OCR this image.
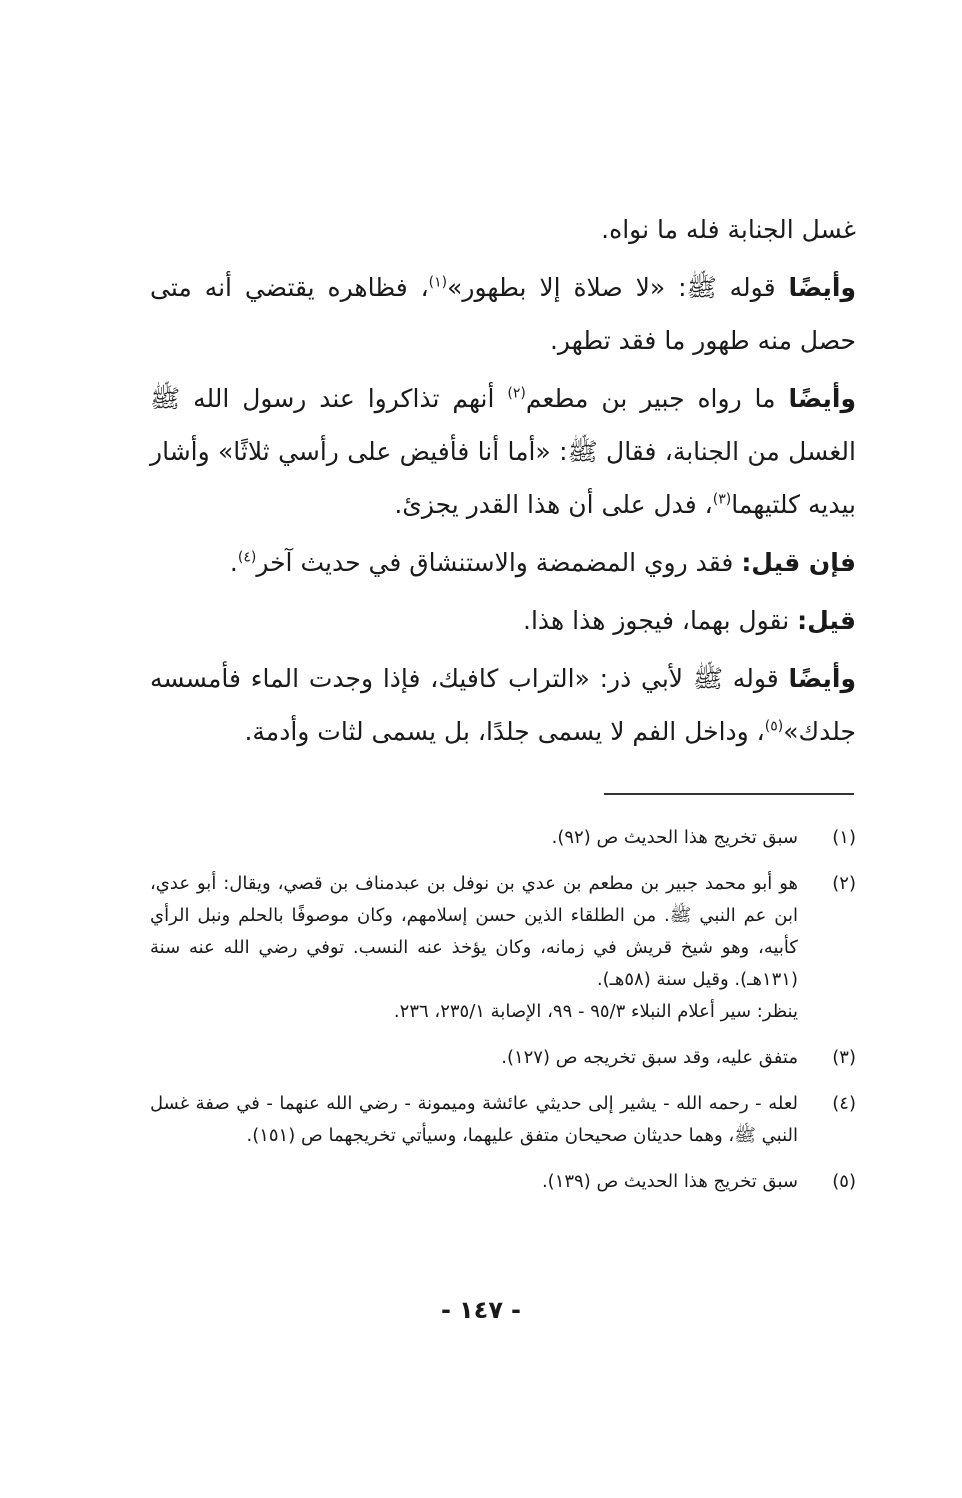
غسل الجنابة فله ما نواه.

وأيضًا قوله ﷺ: «لا صلاة إلا بطهور»$^{(١)}$، فظاهره يقتضي أنه متى حصل منه طهور ما فقد تطهر.

وأيضًا ما رواه جبير بن مطعم$^{(٢)}$ أنهم تذاكروا عند رسول الله ﷺ الغسل من الجنابة، فقال ﷺ: «أما أنا فأفيض على رأسي ثلاثًا» وأشار بيديه كلتيهما$^{(٣)}$، فدل على أن هذا القدر يجزئ.

فإن قيل: فقد روي المضمضة والاستنشاق في حديث آخر$^{(٤)}$.

قيل: نقول بهما، فيجوز هذا هذا.

وأيضًا قوله ﷺ لأبي ذر: «التراب كافيك، فإذا وجدت الماء فأمسسه جلدك»$^{(٥)}$، وداخل الفم لا يسمى جلدًا، بل يسمى لثات وأدمة.

(١)
سبق تخريج هذا الحديث ص (٩٢).
(٢)
هو أبو محمد جبير بن مطعم بن عدي بن نوفل بن عبدمناف بن قصي، ويقال: أبو عدي، ابن عم النبي ﷺ. من الطلقاء الذين حسن إسلامهم، وكان موصوفًا بالحلم ونبل الرأي كأبيه، وهو شيخ قريش في زمانه، وكان يؤخذ عنه النسب. توفي رضي الله عنه سنة (١٣١هـ). وقيل سنة (٥٨هـ).
ينظر: سير أعلام النبلاء ٩٥/٣ - ٩٩، الإصابة ٢٣٥/١، ٢٣٦.
(٣)
متفق عليه، وقد سبق تخريجه ص (١٢٧).
(٤)
لعله - رحمه الله - يشير إلى حديثي عائشة وميمونة - رضي الله عنهما - في صفة غسل النبي ﷺ، وهما حديثان صحيحان متفق عليهما، وسيأتي تخريجهما ص (١٥١).
(٥)
سبق تخريج هذا الحديث ص (١٣٩).
-١٤٧-
